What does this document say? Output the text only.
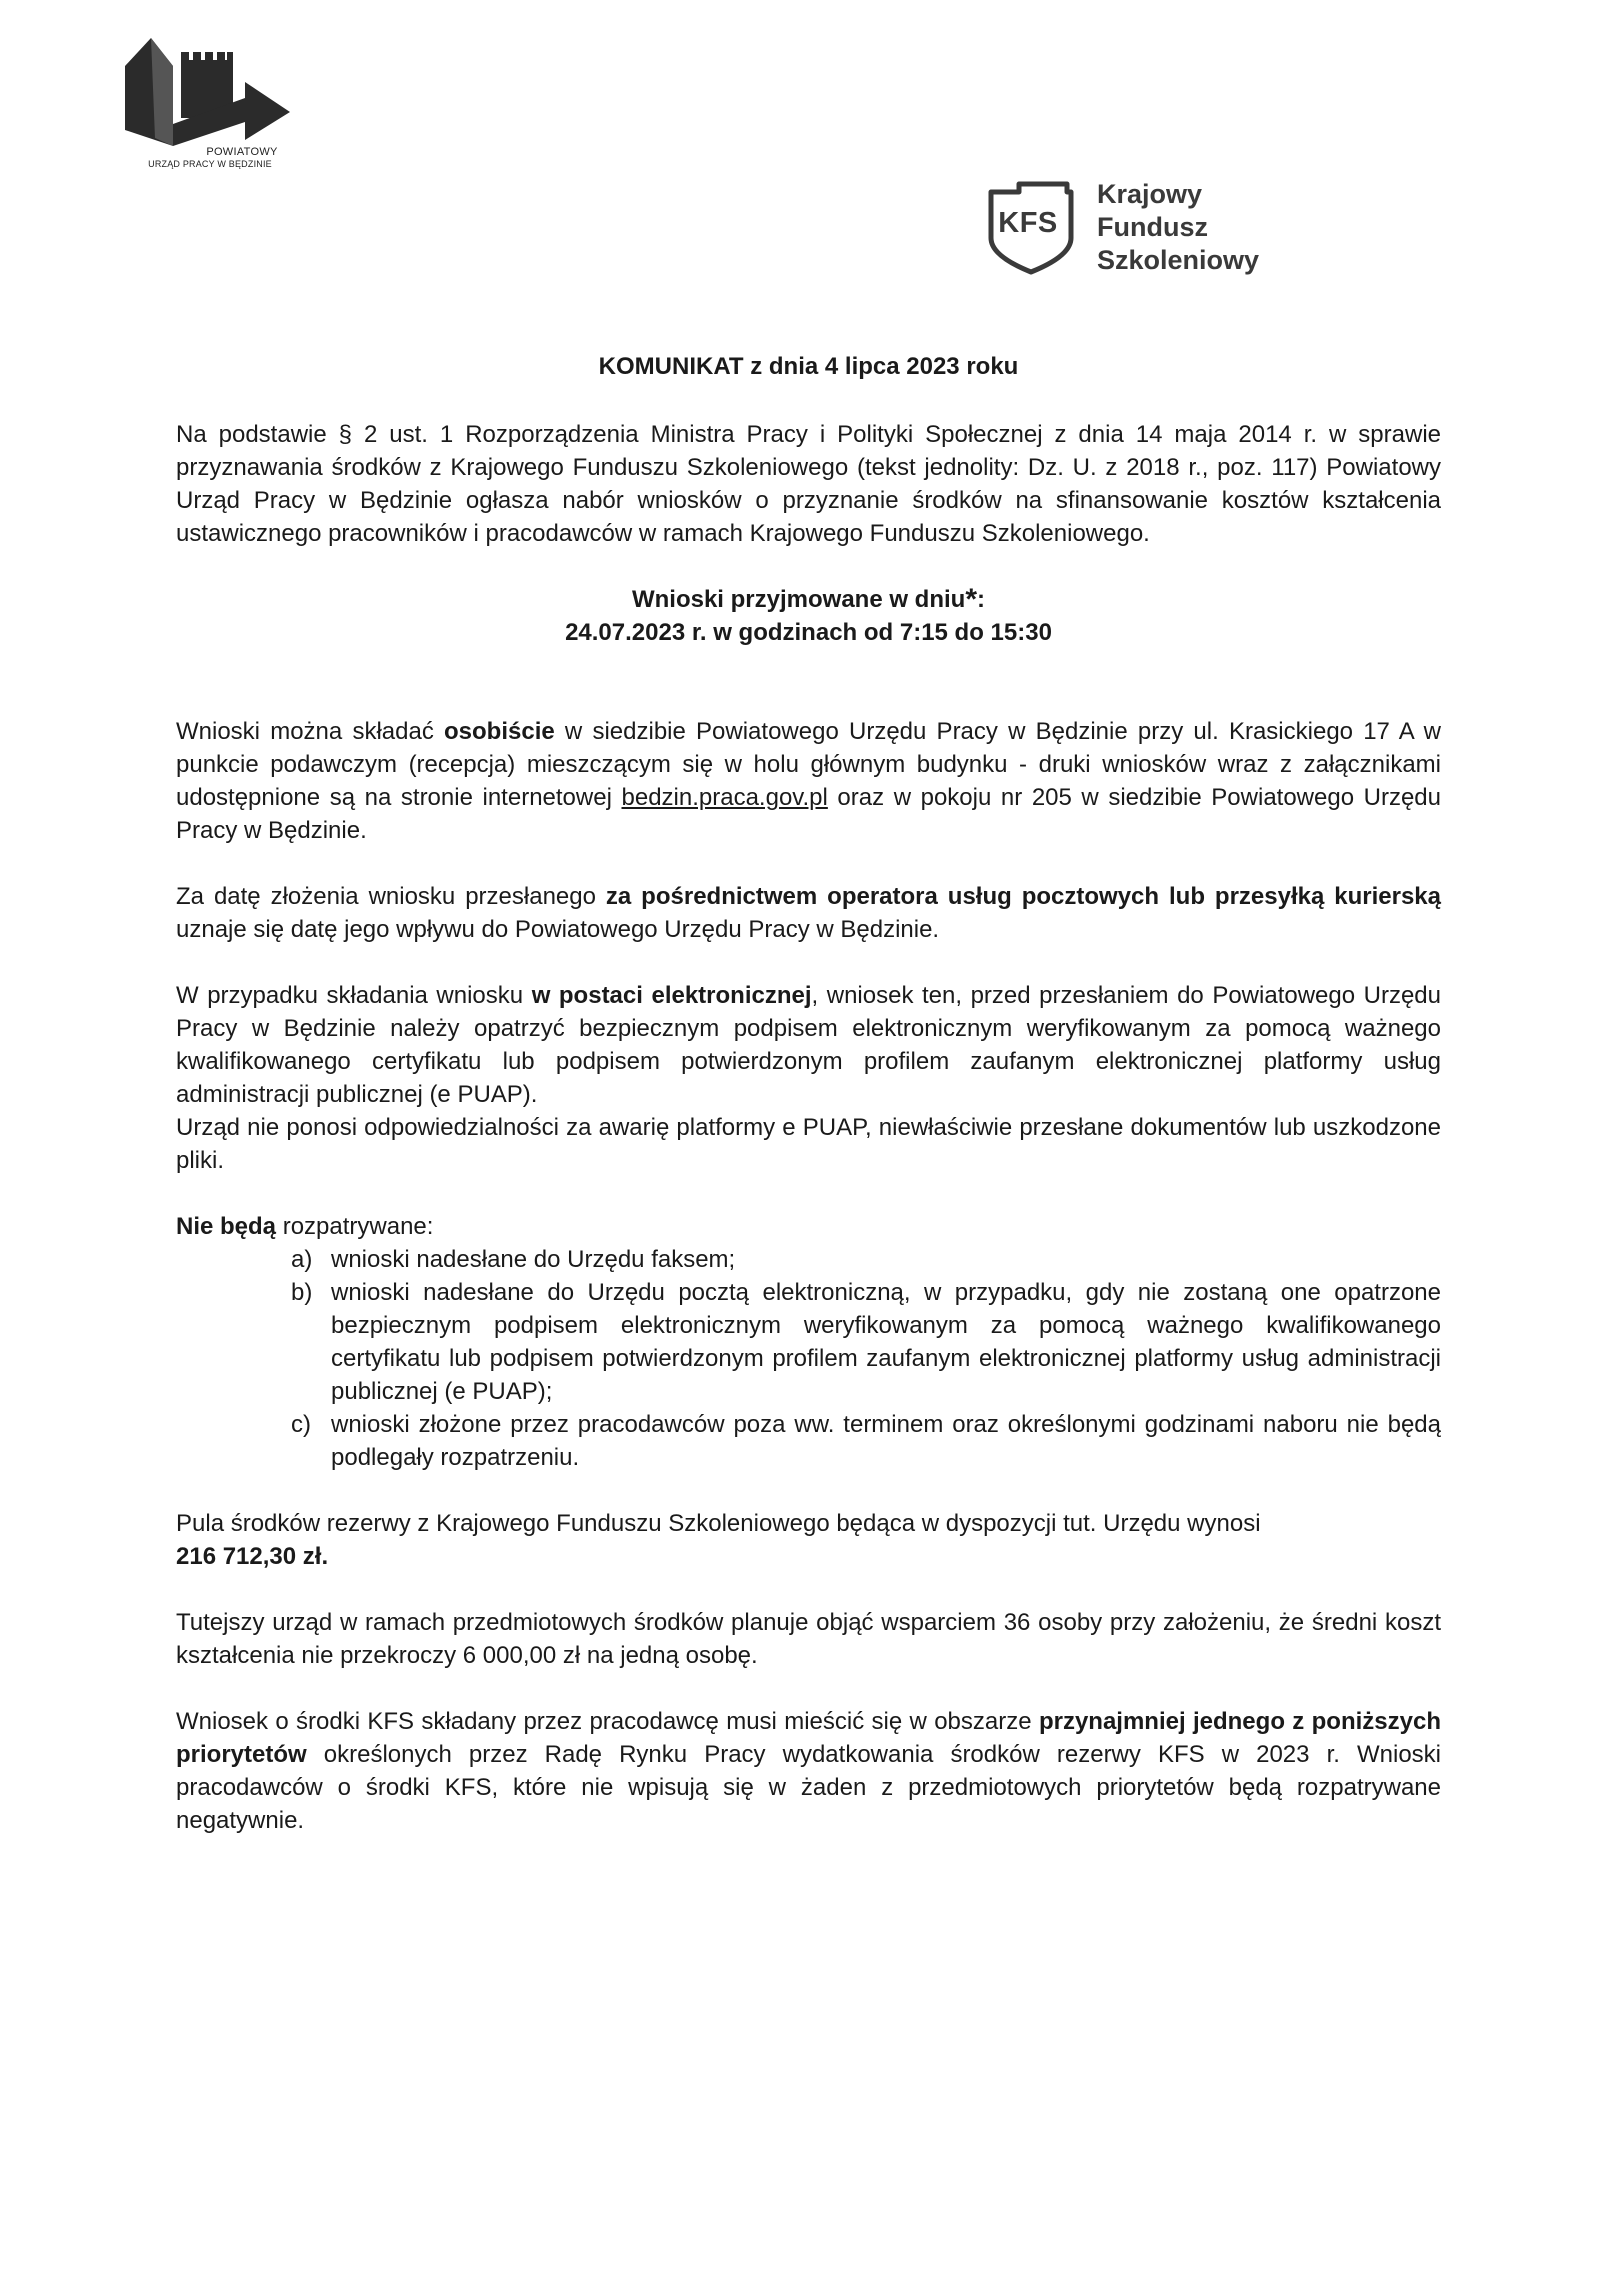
POWIATOWY
URZĄD PRACY W BĘDZINIE
KFS
Krajowy
Fundusz
Szkoleniowy
KOMUNIKAT z dnia 4 lipca 2023 roku

Na podstawie § 2 ust. 1 Rozporządzenia Ministra Pracy i Polityki Społecznej z dnia 14 maja 2014 r. w sprawie przyznawania środków z Krajowego Funduszu Szkoleniowego (tekst jednolity: Dz. U. z 2018 r., poz. 117) Powiatowy Urząd Pracy w Będzinie ogłasza nabór wniosków o przyznanie środków na sfinansowanie kosztów kształcenia ustawicznego pracowników i pracodawców w ramach Krajowego Funduszu Szkoleniowego.

Wnioski przyjmowane w dniu*:
24.07.2023 r. w godzinach od 7:15 do 15:30

Wnioski można składać osobiście w siedzibie Powiatowego Urzędu Pracy w Będzinie przy ul. Krasickiego 17 A w punkcie podawczym (recepcja) mieszczącym się w holu głównym budynku - druki wniosków wraz z załącznikami udostępnione są na stronie internetowej bedzin.praca.gov.pl oraz w pokoju nr 205 w siedzibie Powiatowego Urzędu Pracy w Będzinie.

Za datę złożenia wniosku przesłanego za pośrednictwem operatora usług pocztowych lub przesyłką kurierską uznaje się datę jego wpływu do Powiatowego Urzędu Pracy w Będzinie.

W przypadku składania wniosku w postaci elektronicznej, wniosek ten, przed przesłaniem do Powiatowego Urzędu Pracy w Będzinie należy opatrzyć bezpiecznym podpisem elektronicznym weryfikowanym za pomocą ważnego kwalifikowanego certyfikatu lub podpisem potwierdzonym profilem zaufanym elektronicznej platformy usług administracji publicznej (e PUAP).

Urząd nie ponosi odpowiedzialności za awarię platformy e PUAP, niewłaściwie przesłane dokumentów lub uszkodzone pliki.

Nie będą rozpatrywane:

a) wnioski nadesłane do Urzędu faksem;
b) wnioski nadesłane do Urzędu pocztą elektroniczną, w przypadku, gdy nie zostaną one opatrzone bezpiecznym podpisem elektronicznym weryfikowanym za pomocą ważnego kwalifikowanego certyfikatu lub podpisem potwierdzonym profilem zaufanym elektronicznej platformy usług administracji publicznej (e PUAP);
c) wnioski złożone przez pracodawców poza ww. terminem oraz określonymi godzinami naboru nie będą podlegały rozpatrzeniu.

Pula środków rezerwy z Krajowego Funduszu Szkoleniowego będąca w dyspozycji tut. Urzędu wynosi

216 712,30 zł.

Tutejszy urząd w ramach przedmiotowych środków planuje objąć wsparciem 36 osoby przy założeniu, że średni koszt kształcenia nie przekroczy 6 000,00 zł na jedną osobę.

Wniosek o środki KFS składany przez pracodawcę musi mieścić się w obszarze przynajmniej jednego z poniższych priorytetów określonych przez Radę Rynku Pracy wydatkowania środków rezerwy KFS w 2023 r. Wnioski pracodawców o środki KFS, które nie wpisują się w żaden z przedmiotowych priorytetów będą rozpatrywane negatywnie.
